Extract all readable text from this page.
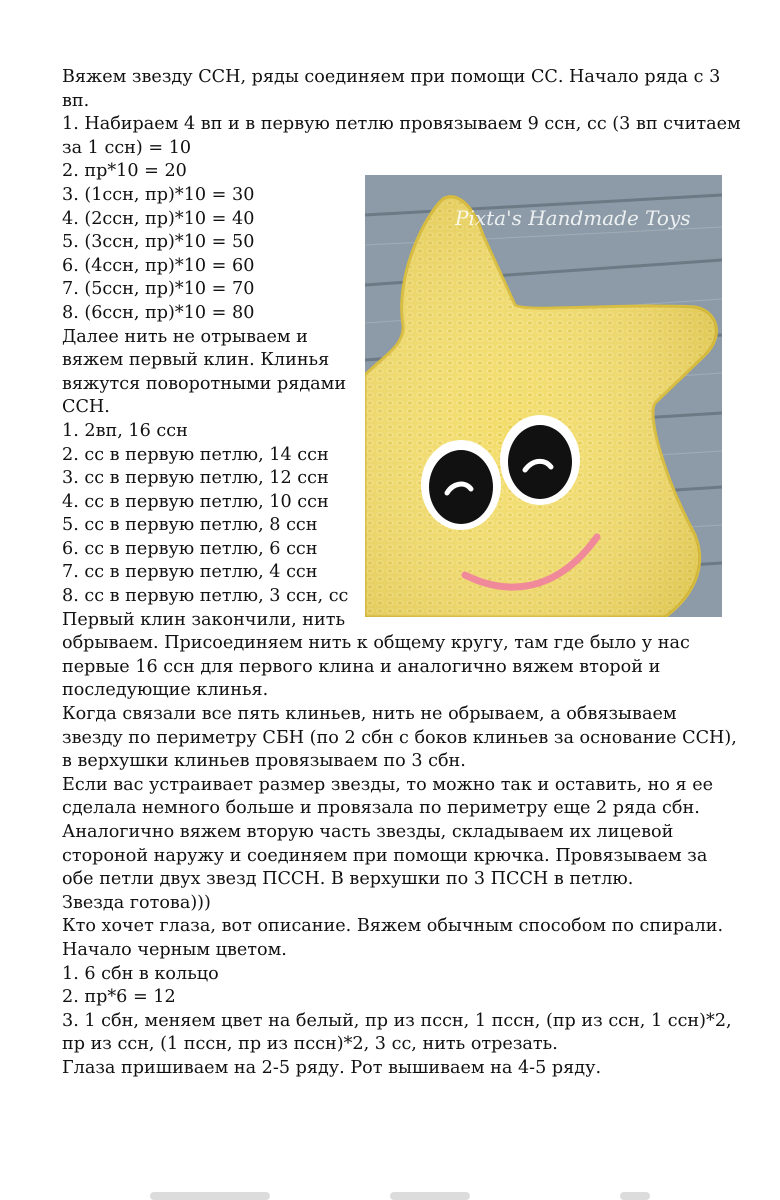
Вяжем звезду ССН, ряды соединяем при помощи СС. Начало ряда с 3

вп.

1. Набираем 4 вп и в первую петлю провязываем 9 ссн, сс (3 вп считаем

за 1 ссн) = 10

2. пр*10 = 20

3. (1ссн, пр)*10 = 30

4. (2ссн, пр)*10 = 40

5. (3ссн, пр)*10 = 50

6. (4ссн, пр)*10 = 60

7. (5ссн, пр)*10 = 70

8. (6ссн, пр)*10 = 80

Далее нить не отрываем и

вяжем первый клин. Клинья

вяжутся поворотными рядами

ССН.

1. 2вп, 16 ссн

2. сс в первую петлю, 14 ссн

3. сс в первую петлю, 12 ссн

4. сс в первую петлю, 10 ссн

5. сс в первую петлю, 8 ссн

6. сс в первую петлю, 6 ссн

7. сс в первую петлю, 4 ссн

8. сс в первую петлю, 3 ссн, сс

Первый клин закончили, нить

обрываем. Присоединяем нить к общему кругу, там где было у нас

первые 16 ссн для первого клина и аналогично вяжем второй и

последующие клинья.

Когда связали все пять клиньев, нить не обрываем, а обвязываем

звезду по периметру СБН (по 2 сбн с боков клиньев за основание ССН),

в верхушки клиньев провязываем по 3 сбн.

Если вас устраивает размер звезды, то можно так и оставить, но я ее

сделала немного больше и провязала по периметру еще 2 ряда сбн.

Аналогично вяжем вторую часть звезды, складываем их лицевой

стороной наружу и соединяем при помощи крючка. Провязываем за

обе петли двух звезд ПССН. В верхушки по 3 ПССН в петлю.

Звезда готова)))

Кто хочет глаза, вот описание. Вяжем обычным способом по спирали.

Начало черным цветом.

1. 6 сбн в кольцо

2. пр*6 = 12

3. 1 сбн, меняем цвет на белый, пр из пссн, 1 пссн, (пр из ссн, 1 ссн)*2,

пр из ссн, (1 пссн, пр из пссн)*2, 3 сс, нить отрезать.

Глаза пришиваем на 2-5 ряду. Рот вышиваем на 4-5 ряду.

Pixta's Handmade Toys
